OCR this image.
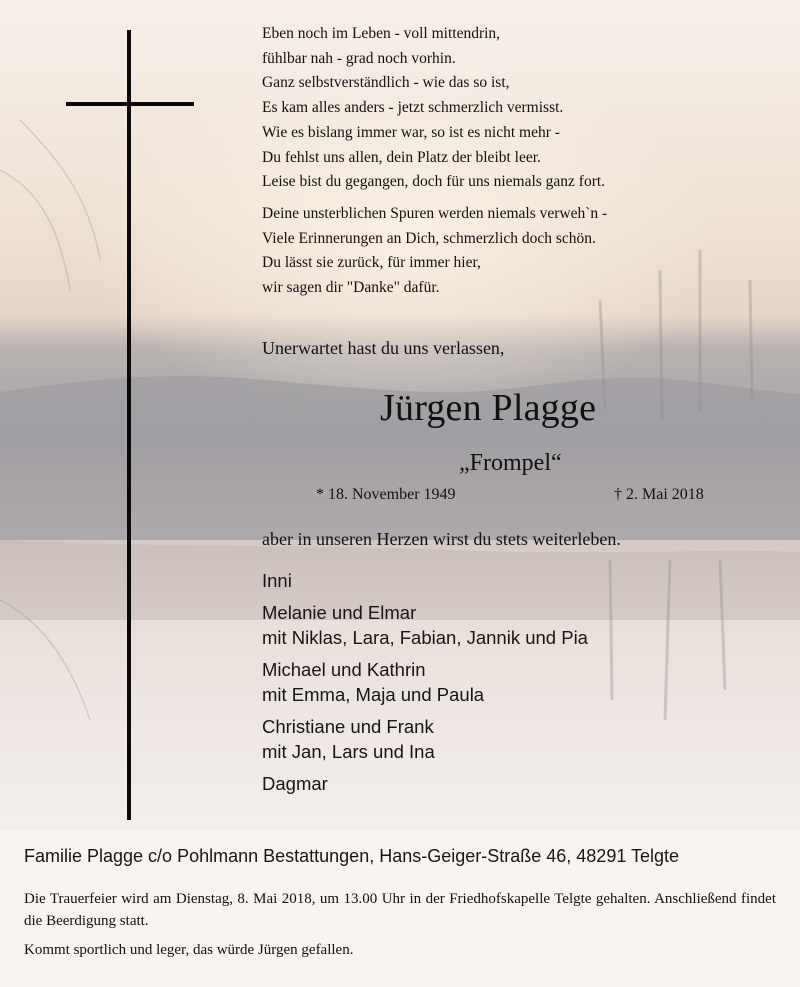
Eben noch im Leben - voll mittendrin,

fühlbar nah - grad noch vorhin.

Ganz selbstverständlich - wie das so ist,

Es kam alles anders - jetzt schmerzlich vermisst.

Wie es bislang immer war, so ist es nicht mehr -

Du fehlst uns allen, dein Platz der bleibt leer.

Leise bist du gegangen, doch für uns niemals ganz fort.

Deine unsterblichen Spuren werden niemals verweh`n -

Viele Erinnerungen an Dich, schmerzlich doch schön.

Du lässt sie zurück, für immer hier,

wir sagen dir "Danke" dafür.

Unerwartet hast du uns verlassen,

Jürgen Plagge

„Frompel“

* 18. November 1949	† 2. Mai 2018

aber in unseren Herzen wirst du stets weiterleben.

Inni

Melanie und Elmar

mit Niklas, Lara, Fabian, Jannik und Pia

Michael und Kathrin

mit Emma, Maja und Paula

Christiane und Frank

mit Jan, Lars und Ina

Dagmar

Familie Plagge c/o Pohlmann Bestattungen, Hans-Geiger-Straße 46, 48291 Telgte

Die Trauerfeier wird am Dienstag, 8. Mai 2018, um 13.00 Uhr in der Friedhofskapelle Telgte gehalten. Anschließend findet die Beerdigung statt.

Kommt sportlich und leger, das würde Jürgen gefallen.
